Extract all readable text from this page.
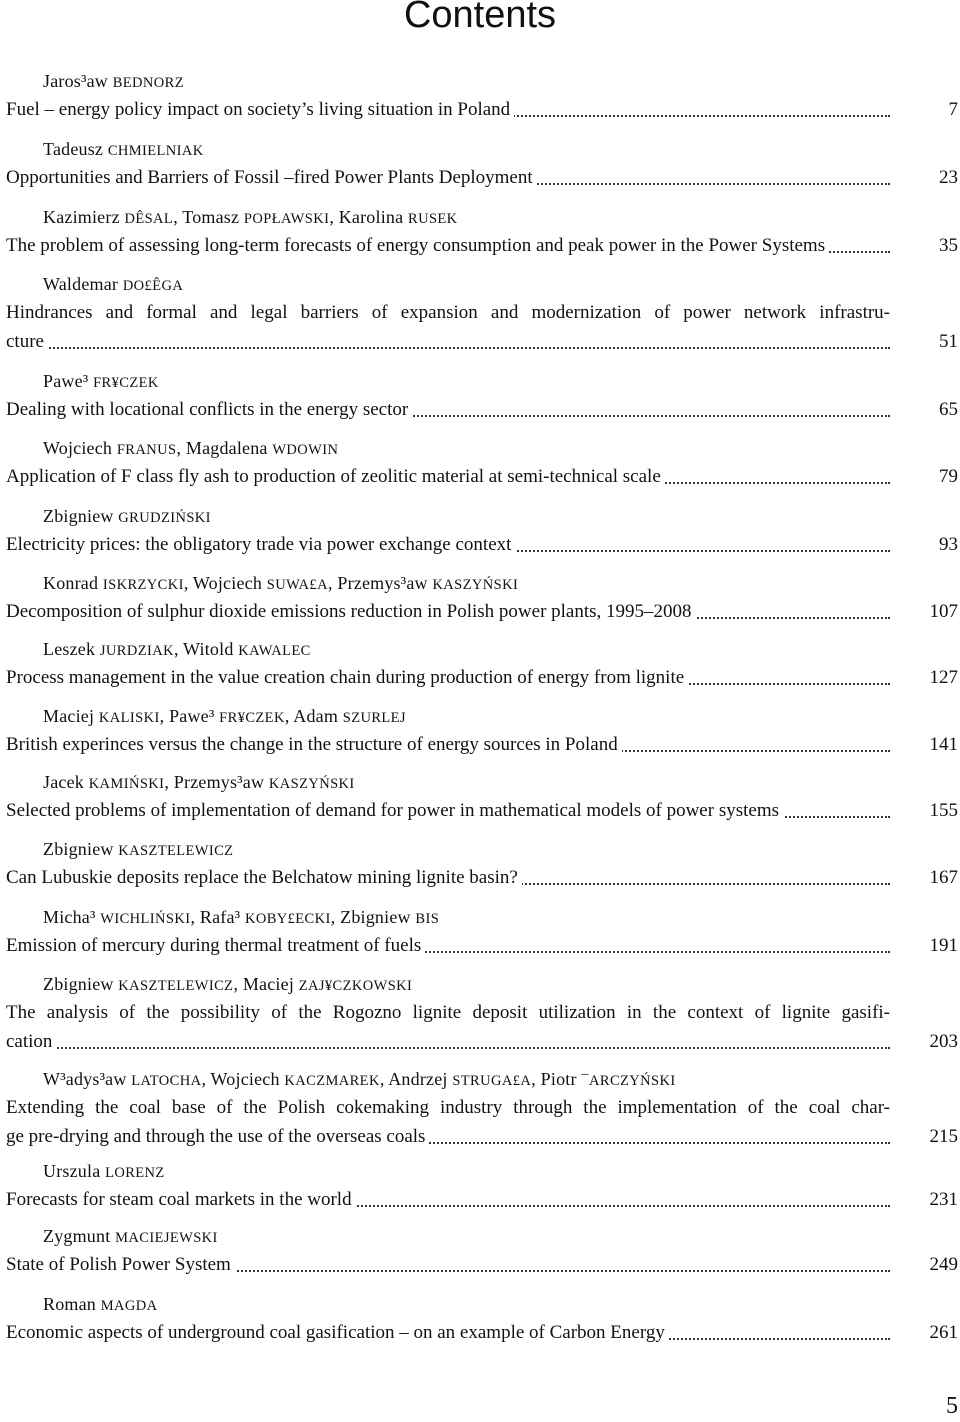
Contents
Jaros³aw BEDNORZ
Fuel – energy policy impact on society’s living situation in Poland	7
Tadeusz CHMIELNIAK
Opportunities and Barriers of Fossil –fired Power Plants Deployment	23
Kazimierz DÊSAL, Tomasz POPŁAWSKI, Karolina RUSEK
The problem of assessing long-term forecasts of energy consumption and peak power in the Power Systems	35
Waldemar DO£ÊGA
Hindrances and formal and legal barriers of expansion and modernization of power network infrastru-
cture	51
Pawe³ FR¥CZEK
Dealing with locational conflicts in the energy sector	65
Wojciech FRANUS, Magdalena WDOWIN
Application of F class fly ash to production of zeolitic material at semi-technical scale	79
Zbigniew GRUDZIŃSKI
Electricity prices: the obligatory trade via power exchange context	93
Konrad ISKRZYCKI, Wojciech SUWA£A, Przemys³aw KASZYŃSKI
Decomposition of sulphur dioxide emissions reduction in Polish power plants, 1995–2008	107
Leszek JURDZIAK, Witold KAWALEC
Process management in the value creation chain during production of energy from lignite	127
Maciej KALISKI, Pawe³ FR¥CZEK, Adam SZURLEJ
British experinces versus the change in the structure of energy sources in Poland	141
Jacek KAMIŃSKI, Przemys³aw KASZYŃSKI
Selected problems of implementation of demand for power in mathematical models of power systems	155
Zbigniew KASZTELEWICZ
Can Lubuskie deposits replace the Belchatow mining lignite basin?	167
Micha³ WICHLIŃSKI, Rafa³ KOBY£ECKI, Zbigniew BIS
Emission of mercury during thermal treatment of fuels	191
Zbigniew KASZTELEWICZ, Maciej ZAJ¥CZKOWSKI
The analysis of the possibility of the Rogozno lignite deposit utilization in the context of lignite gasifi-
cation	203
W³adys³aw LATOCHA, Wojciech KACZMAREK, Andrzej STRUGA£A, Piotr ¯ARCZYŃSKI
Extending the coal base of the Polish cokemaking industry through the implementation of the coal char-
ge pre-drying and through the use of the overseas coals	215
Urszula LORENZ
Forecasts for steam coal markets in the world	231
Zygmunt MACIEJEWSKI
State of Polish Power System	249
Roman MAGDA
Economic aspects of underground coal gasification – on an example of Carbon Energy	261
5
